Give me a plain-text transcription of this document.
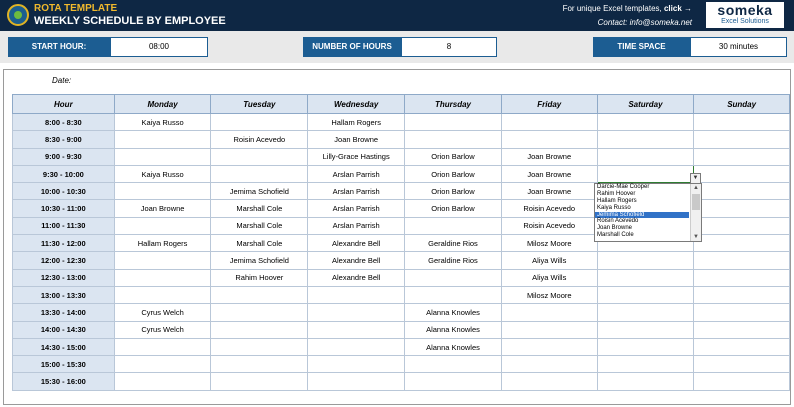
ROTA TEMPLATE
WEEKLY SCHEDULE BY EMPLOYEE
For unique Excel templates, click →
Contact: info@someka.net
someka
Excel Solutions
START HOUR:	08:00	NUMBER OF HOURS	8	TIME SPACE	30 minutes
Date:
Hour	Monday	Tuesday	Wednesday	Thursday	Friday	Saturday	Sunday
8:00 - 8:30	Kaiya Russo		Hallam Rogers				
8:30 - 9:00		Roisin Acevedo	Joan Browne				
9:00 - 9:30			Lilly-Grace Hastings	Orion Barlow	Joan Browne		
9:30 - 10:00	Kaiya Russo		Arslan Parrish	Orion Barlow	Joan Browne		
10:00 - 10:30		Jemima Schofield	Arslan Parrish	Orion Barlow	Joan Browne		
10:30 - 11:00	Joan Browne	Marshall Cole	Arslan Parrish	Orion Barlow	Roisin Acevedo		
11:00 - 11:30		Marshall Cole	Arslan Parrish		Roisin Acevedo		
11:30 - 12:00	Hallam Rogers	Marshall Cole	Alexandre Bell	Geraldine Rios	Milosz Moore		
12:00 - 12:30		Jemima Schofield	Alexandre Bell	Geraldine Rios	Aliya Wills		
12:30 - 13:00		Rahim Hoover	Alexandre Bell		Aliya Wills		
13:00 - 13:30					Milosz Moore		
13:30 - 14:00	Cyrus Welch			Alanna Knowles			
14:00 - 14:30	Cyrus Welch			Alanna Knowles			
14:30 - 15:00				Alanna Knowles			
15:00 - 15:30							
15:30 - 16:00							
▼
Darcie-Mae Cooper
Rahim Hoover
Hallam Rogers
Kaiya Russo
Jemima Schofield
Roisin Acevedo
Joan Browne
Marshall Cole
▲
▼
